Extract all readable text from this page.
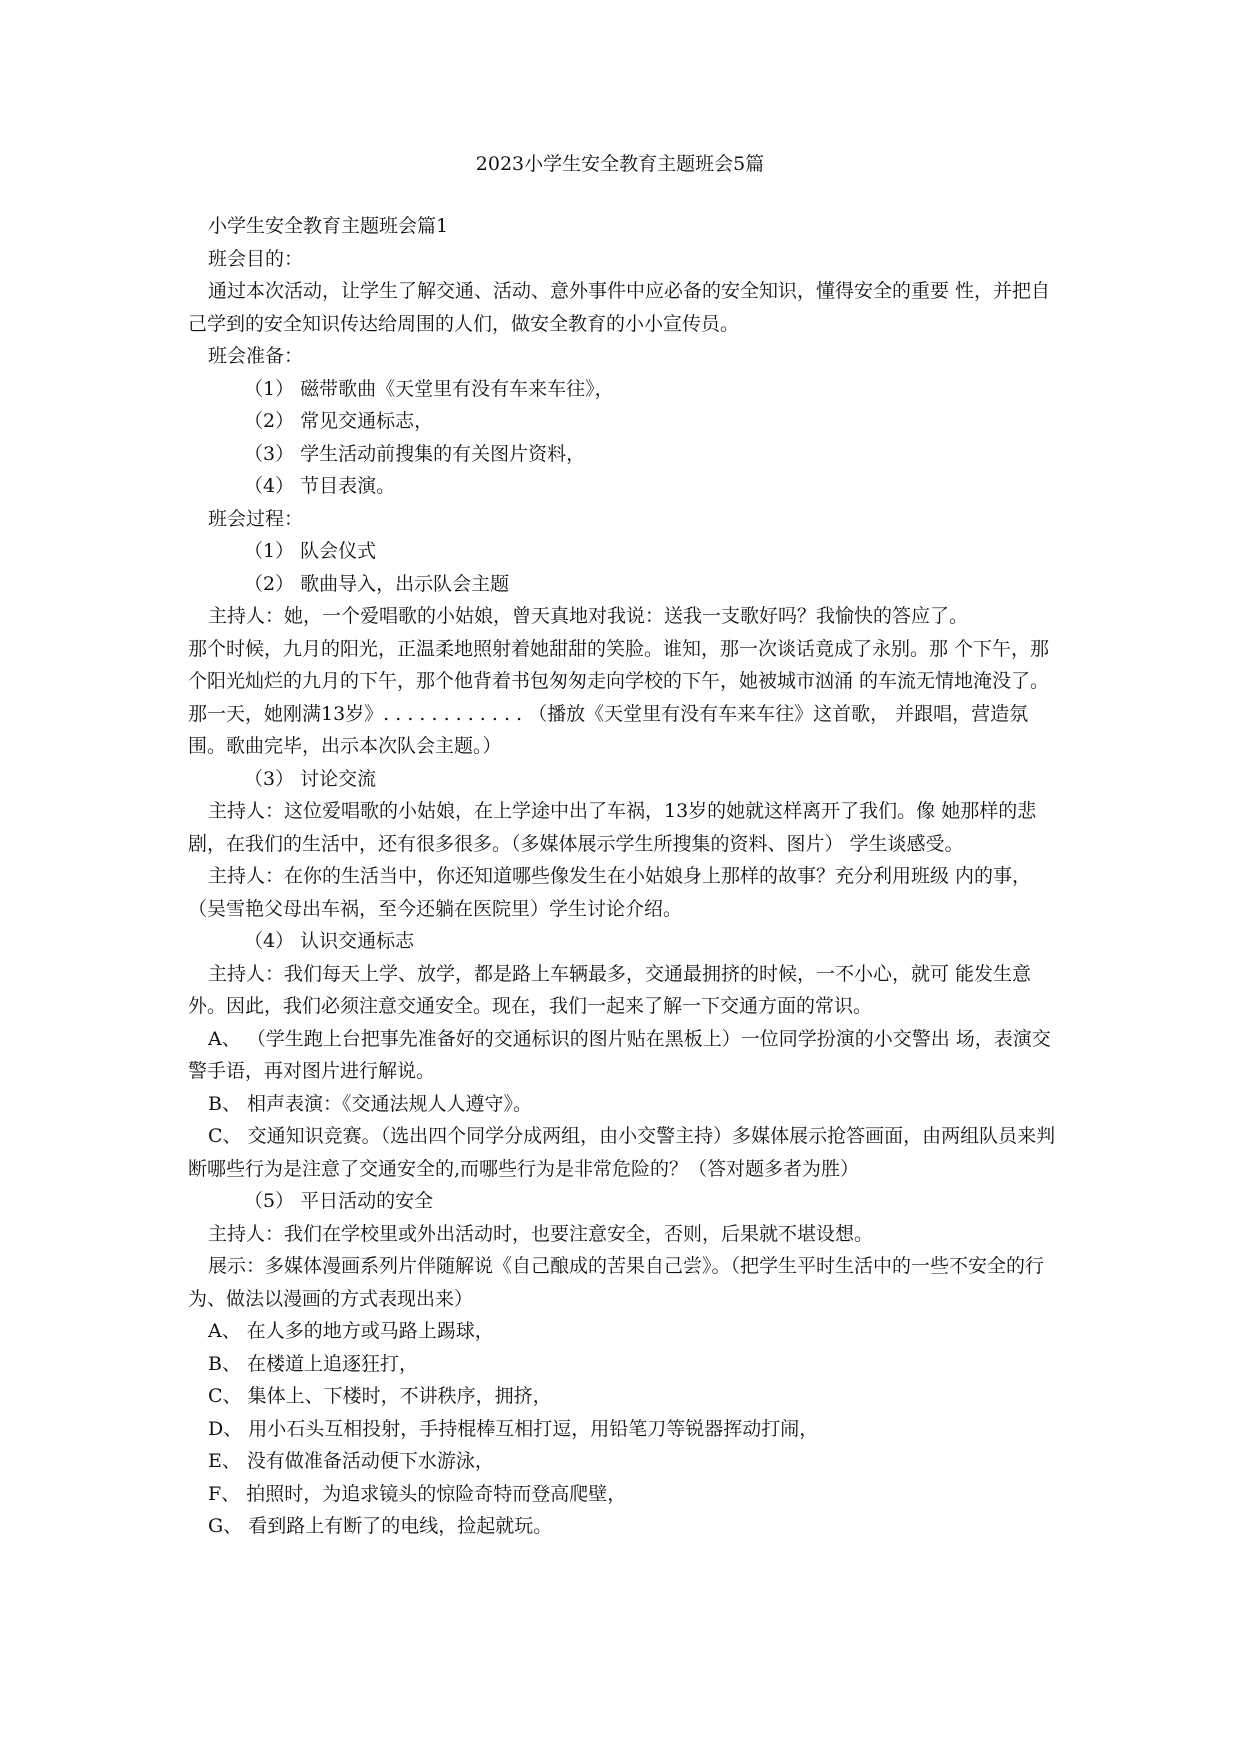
2023小学生安全教育主题班会5篇

小学生安全教育主题班会篇1

班会目的：

通过本次活动，让学生了解交通、活动、意外事件中应必备的安全知识，懂得安全的重要 性，并把自己学到的安全知识传达给周围的人们，做安全教育的小小宣传员。

班会准备：

（1） 磁带歌曲《天堂里有没有车来车往》，

（2） 常见交通标志，

（3） 学生活动前搜集的有关图片资料，

（4） 节目表演。

班会过程：

（1） 队会仪式

（2） 歌曲导入，出示队会主题

主持人：她，一个爱唱歌的小姑娘，曾天真地对我说：送我一支歌好吗？我愉快的答应了。

那个时候，九月的阳光，正温柔地照射着她甜甜的笑脸。谁知，那一次谈话竟成了永别。那 个下午，那个阳光灿烂的九月的下午，那个他背着书包匆匆走向学校的下午，她被城市汹涌 的车流无情地淹没了。那一天，她刚满13岁》. . . . . . . . . . . . （播放《天堂里有没有车来车往》这首歌， 并跟唱，营造氛围。歌曲完毕，出示本次队会主题。）

（3） 讨论交流

主持人：这位爱唱歌的小姑娘，在上学途中出了车祸，13岁的她就这样离开了我们。像 她那样的悲剧，在我们的生活中，还有很多很多。（多媒体展示学生所搜集的资料、图片） 学生谈感受。

主持人：在你的生活当中，你还知道哪些像发生在小姑娘身上那样的故事？充分利用班级 内的事，（吴雪艳父母出车祸，至今还躺在医院里）学生讨论介绍。

（4） 认识交通标志

主持人：我们每天上学、放学，都是路上车辆最多，交通最拥挤的时候，一不小心，就可 能发生意外。因此，我们必须注意交通安全。现在，我们一起来了解一下交通方面的常识。

A、 （学生跑上台把事先准备好的交通标识的图片贴在黑板上）一位同学扮演的小交警出 场，表演交警手语，再对图片进行解说。

B、 相声表演：《交通法规人人遵守》。

C、 交通知识竞赛。（选出四个同学分成两组，由小交警主持）多媒体展示抢答画面，由两组队员来判断哪些行为是注意了交通安全的,而哪些行为是非常危险的？（答对题多者为胜）

（5） 平日活动的安全

主持人：我们在学校里或外出活动时，也要注意安全，否则，后果就不堪设想。

展示：多媒体漫画系列片伴随解说《自己酿成的苦果自己尝》。（把学生平时生活中的一些不安全的行为、做法以漫画的方式表现出来）

A、 在人多的地方或马路上踢球，

B、 在楼道上追逐狂打，

C、 集体上、下楼时，不讲秩序，拥挤，

D、 用小石头互相投射，手持棍棒互相打逗，用铅笔刀等锐器挥动打闹，

E、 没有做准备活动便下水游泳，

F、 拍照时，为追求镜头的惊险奇特而登高爬壁，

G、 看到路上有断了的电线，捡起就玩。
